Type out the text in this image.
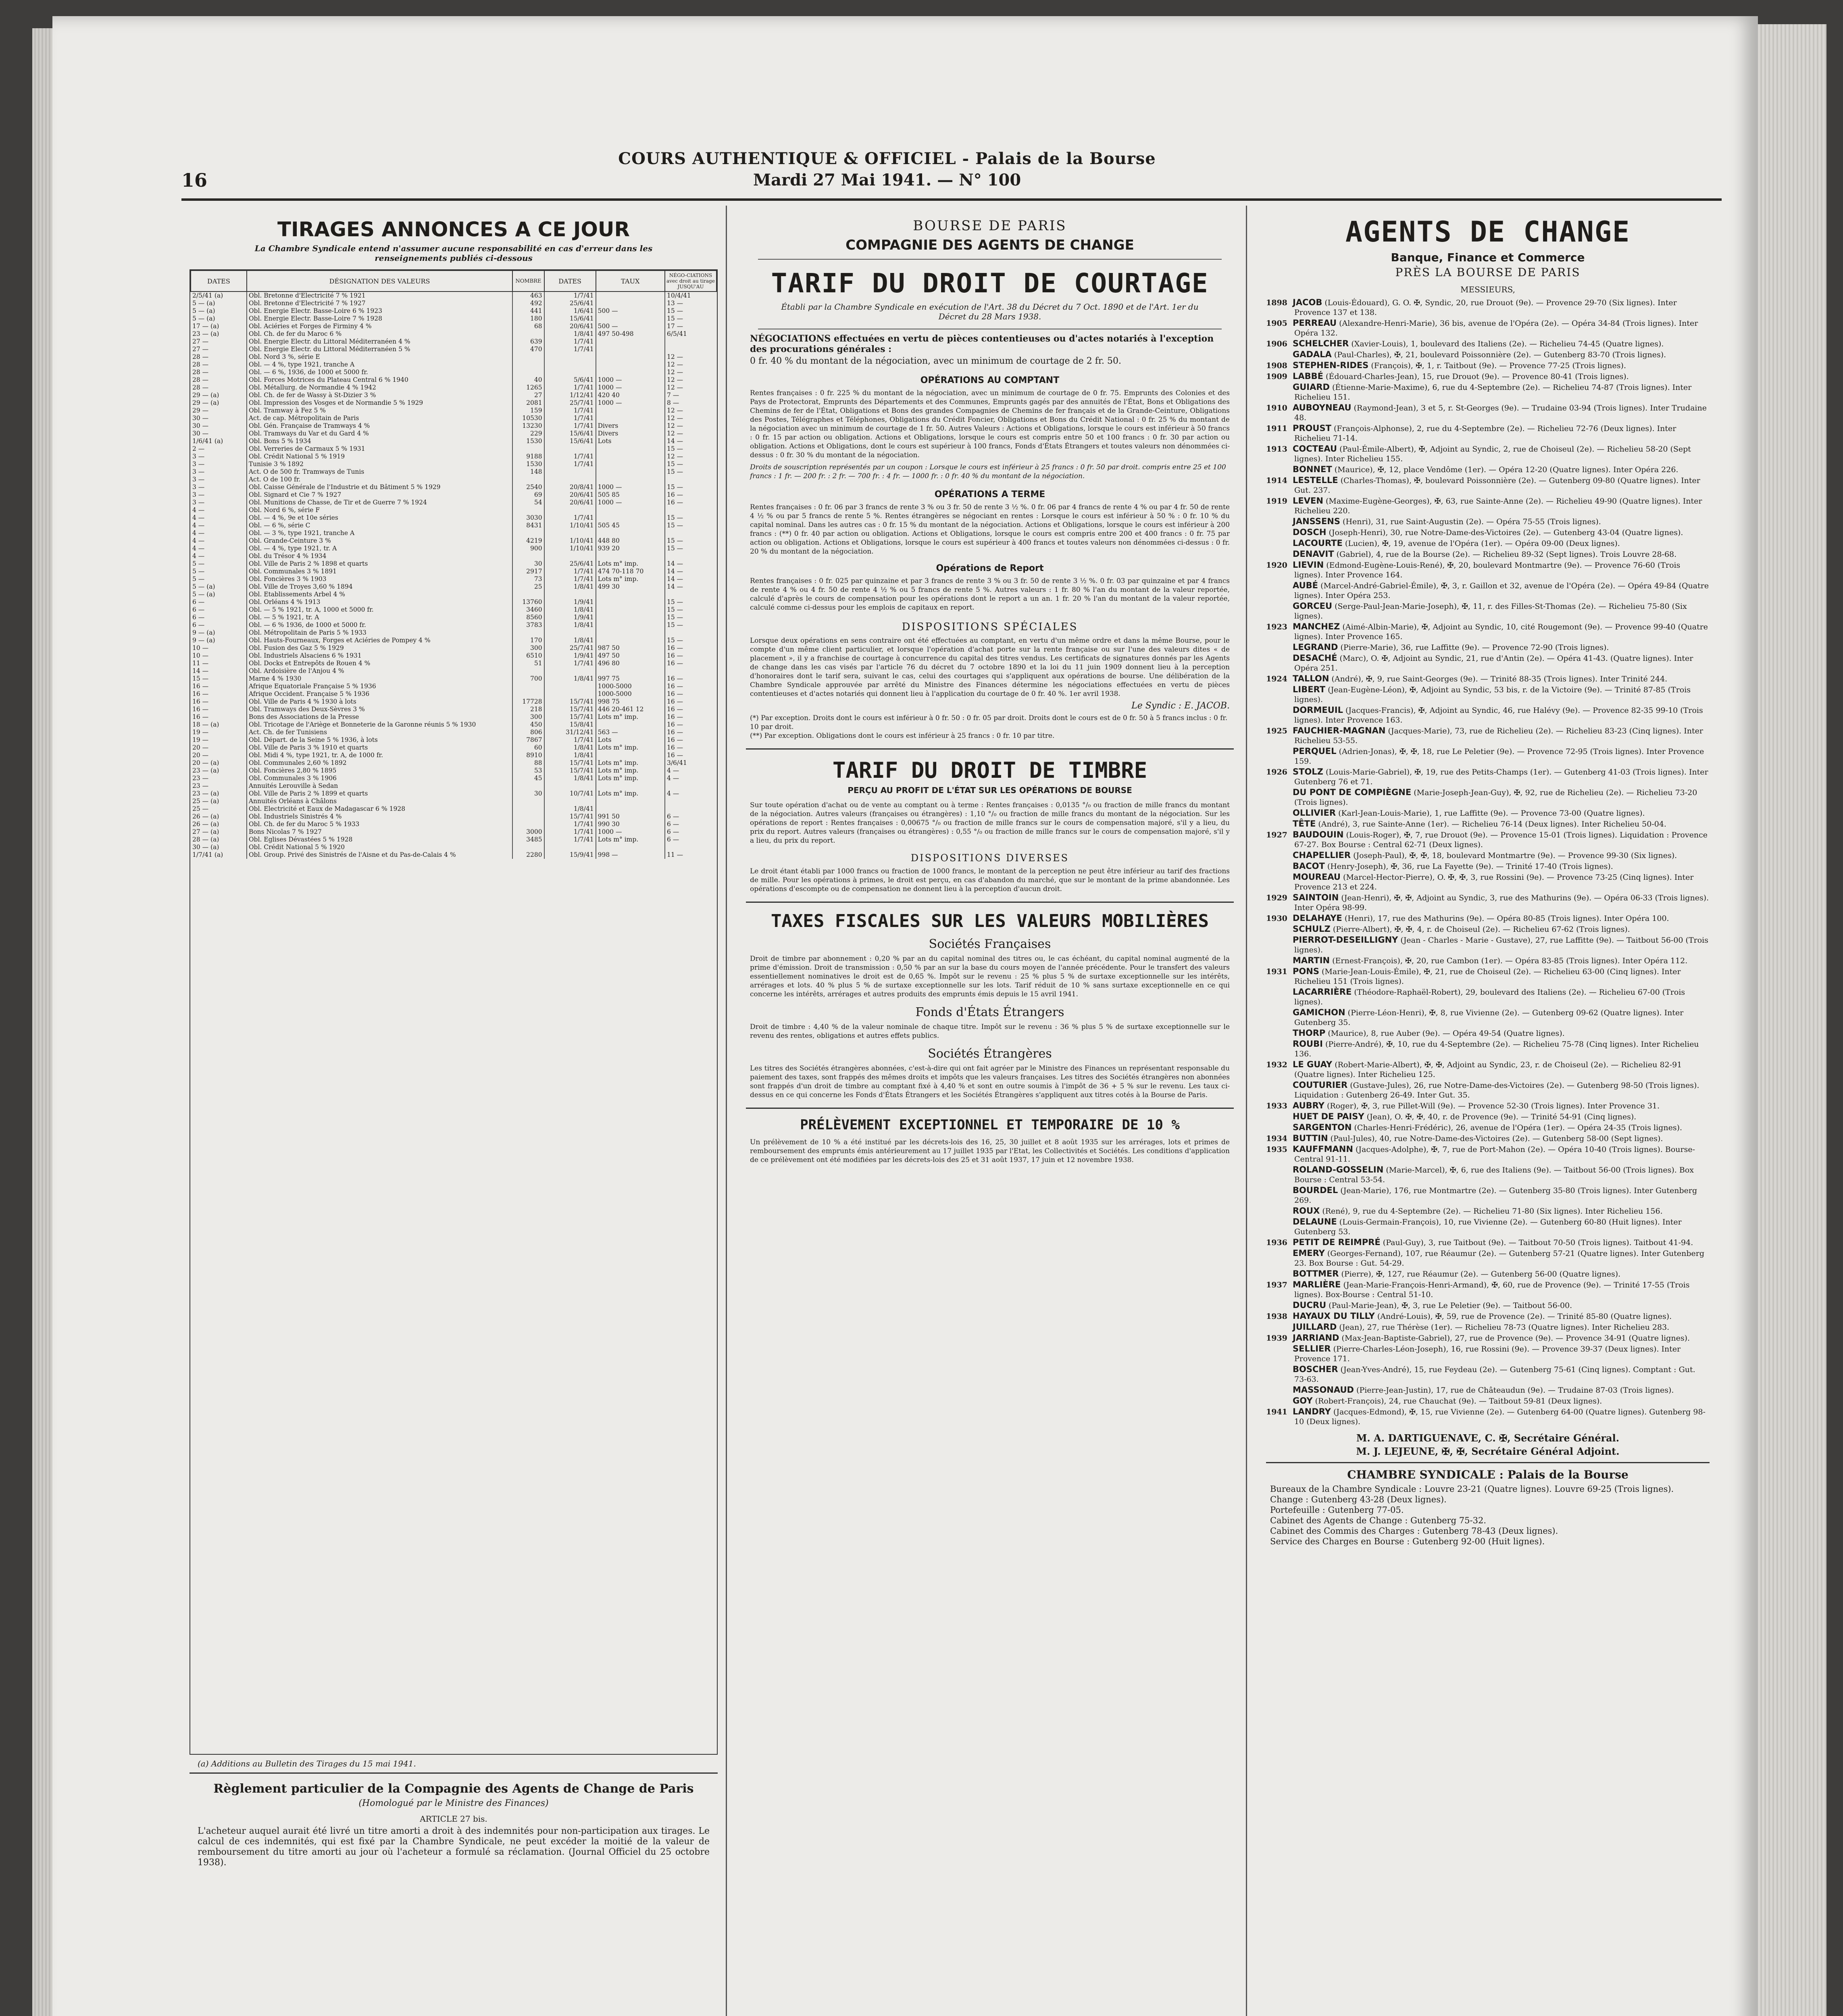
16
COURS AUTHENTIQUE & OFFICIEL - Palais de la Bourse
Mardi 27 Mai 1941. — N° 100
TIRAGES ANNONCES A CE JOUR
La Chambre Syndicale entend n'assumer aucune responsabilité en cas d'erreur dans les renseignements publiés ci-dessous
DATES	DÉSIGNATION DES VALEURS	NOMBRE	DATES	TAUX	NÉGO-CIATIONS avec droit au tirage JUSQU'AU
2/5/41 (a)	Obl. Bretonne d'Electricité 7 % 1921	463	1/7/41		10/4/41
5 — (a)	Obl. Bretonne d'Electricité 7 % 1927	492	25/6/41		13 —
5 — (a)	Obl. Energie Electr. Basse-Loire 6 % 1923	441	1/6/41	500 —	15 —
5 — (a)	Obl. Energie Electr. Basse-Loire 7 % 1928	180	15/6/41		15 —
17 — (a)	Obl. Aciéries et Forges de Firminy 4 %	68	20/6/41	500 —	17 —
23 — (a)	Obl. Ch. de fer du Maroc 6 %		1/8/41	497 50-498	6/5/41
27 —	Obl. Energie Electr. du Littoral Méditerranéen 4 %	639	1/7/41		
27 —	Obl. Energie Electr. du Littoral Méditerranéen 5 %	470	1/7/41		
28 —	Obl. Nord 3 %, série E				12 —
28 —	Obl. — 4 %, type 1921, tranche A				12 —
28 —	Obl. — 6 %, 1936, de 1000 et 5000 fr.				12 —
28 —	Obl. Forces Motrices du Plateau Central 6 % 1940	40	5/6/41	1000 —	12 —
28 —	Obl. Métallurg. de Normandie 4 % 1942	1265	1/7/41	1000 —	12 —
29 — (a)	Obl. Ch. de fer de Wassy à St-Dizier 3 %	27	1/12/41	420 40	7 —
29 — (a)	Obl. Impression des Vosges et de Normandie 5 % 1929	2081	25/7/41	1000 —	8 —
29 —	Obl. Tramway à Fez 5 %	159	1/7/41		12 —
30 —	Act. de cap. Métropolitain de Paris	10530	1/7/41		12 —
30 —	Obl. Gén. Française de Tramways 4 %	13230	1/7/41	Divers	12 —
30 —	Obl. Tramways du Var et du Gard 4 %	229	15/6/41	Divers	12 —
1/6/41 (a)	Obl. Bons 5 % 1934	1530	15/6/41	Lots	14 —
2 —	Obl. Verreries de Carmaux 5 % 1931				15 —
3 —	Obl. Crédit National 5 % 1919	9188	1/7/41		12 —
3 —	Tunisie 3 % 1892	1530	1/7/41		15 —
3 —	Act. O de 500 fr. Tramways de Tunis	148			15 —
3 —	Act. O de 100 fr.				
3 —	Obl. Caisse Générale de l'Industrie et du Bâtiment 5 % 1929	2540	20/8/41	1000 —	15 —
3 —	Obl. Signard et Cie 7 % 1927	69	20/6/41	505 85	16 —
3 —	Obl. Munitions de Chasse, de Tir et de Guerre 7 % 1924	54	20/6/41	1000 —	16 —
4 —	Obl. Nord 6 %, série F				
4 —	Obl. — 4 %, 9e et 10e séries	3030	1/7/41		15 —
4 —	Obl. — 6 %, série C	8431	1/10/41	505 45	15 —
4 —	Obl. — 3 %, type 1921, tranche A				
4 —	Obl. Grande-Ceinture 3 %	4219	1/10/41	448 80	15 —
4 —	Obl. — 4 %, type 1921, tr. A	900	1/10/41	939 20	15 —
4 —	Obl. du Trésor 4 % 1934				
5 —	Obl. Ville de Paris 2 % 1898 et quarts	30	25/6/41	Lots m° imp.	14 —
5 —	Obl. Communales 3 % 1891	2917	1/7/41	474 70-118 70	14 —
5 —	Obl. Foncières 3 % 1903	73	1/7/41	Lots m° imp.	14 —
5 — (a)	Obl. Ville de Troyes 3,60 % 1894	25	1/8/41	499 30	14 —
5 — (a)	Obl. Etablissements Arbel 4 %				
6 —	Obl. Orléans 4 % 1913	13760	1/9/41		15 —
6 —	Obl. — 5 % 1921, tr. A, 1000 et 5000 fr.	3460	1/8/41		15 —
6 —	Obl. — 5 % 1921, tr. A	8560	1/9/41		15 —
6 —	Obl. — 6 % 1936, de 1000 et 5000 fr.	3783	1/8/41		15 —
9 — (a)	Obl. Métropolitain de Paris 5 % 1933				
9 — (a)	Obl. Hauts-Fourneaux, Forges et Aciéries de Pompey 4 %	170	1/8/41		15 —
10 —	Obl. Fusion des Gaz 5 % 1929	300	25/7/41	987 50	16 —
10 —	Obl. Industriels Alsaciens 6 % 1931	6510	1/9/41	497 50	16 —
11 —	Obl. Docks et Entrepôts de Rouen 4 %	51	1/7/41	496 80	16 —
14 —	Obl. Ardoisière de l'Anjou 4 %				
15 —	Marne 4 % 1930	700	1/8/41	997 75	16 —
16 —	Afrique Equatoriale Française 5 % 1936			1000-5000	16 —
16 —	Afrique Occident. Française 5 % 1936			1000-5000	16 —
16 —	Obl. Ville de Paris 4 % 1930 à lots	17728	15/7/41	998 75	16 —
16 —	Obl. Tramways des Deux-Sèvres 3 %	218	15/7/41	446 20-461 12	16 —
16 —	Bons des Associations de la Presse	300	15/7/41	Lots m° imp.	16 —
18 — (a)	Obl. Tricotage de l'Ariège et Bonneterie de la Garonne réunis 5 % 1930	450	15/8/41		16 —
19 —	Act. Ch. de fer Tunisiens	806	31/12/41	563 —	16 —
19 —	Obl. Départ. de la Seine 5 % 1936, à lots	7867	1/7/41	Lots	16 —
20 —	Obl. Ville de Paris 3 % 1910 et quarts	60	1/8/41	Lots m° imp.	16 —
20 —	Obl. Midi 4 %, type 1921, tr. A, de 1000 fr.	8910	1/8/41		16 —
20 — (a)	Obl. Communales 2,60 % 1892	88	15/7/41	Lots m° imp.	3/6/41
23 — (a)	Obl. Foncières 2,80 % 1895	53	15/7/41	Lots m° imp.	4 —
23 —	Obl. Communales 3 % 1906	45	1/8/41	Lots m° imp.	4 —
23 —	Annuités Lerouville à Sedan				
23 — (a)	Obl. Ville de Paris 2 % 1899 et quarts	30	10/7/41	Lots m° imp.	4 —
25 — (a)	Annuités Orléans à Châlons				
25 —	Obl. Electricité et Eaux de Madagascar 6 % 1928		1/8/41		
26 — (a)	Obl. Industriels Sinistrés 4 %		15/7/41	991 50	6 —
26 — (a)	Obl. Ch. de fer du Maroc 5 % 1933		1/7/41	990 30	6 —
27 — (a)	Bons Nicolas 7 % 1927	3000	1/7/41	1000 —	6 —
28 — (a)	Obl. Eglises Dévastées 5 % 1928	3485	1/7/41	Lots m° imp.	6 —
30 — (a)	Obl. Crédit National 5 % 1920				
1/7/41 (a)	Obl. Group. Privé des Sinistrés de l'Aisne et du Pas-de-Calais 4 %	2280	15/9/41	998 —	11 —
(a) Additions au Bulletin des Tirages du 15 mai 1941.
Règlement particulier de la Compagnie des Agents de Change de Paris
(Homologué par le Ministre des Finances)
ARTICLE 27 bis.
L'acheteur auquel aurait été livré un titre amorti a droit à des indemnités pour non-participation aux tirages. Le calcul de ces indemnités, qui est fixé par la Chambre Syndicale, ne peut excéder la moitié de la valeur de remboursement du titre amorti au jour où l'acheteur a formulé sa réclamation. (Journal Officiel du 25 octobre 1938).
BOURSE DE PARIS
COMPAGNIE DES AGENTS DE CHANGE
TARIF DU DROIT DE COURTAGE
Établi par la Chambre Syndicale en exécution de l'Art. 38 du Décret du 7 Oct. 1890 et de l'Art. 1er du Décret du 28 Mars 1938.
NÉGOCIATIONS effectuées en vertu de pièces contentieuses ou d'actes notariés à l'exception des procurations générales :
0 fr. 40 % du montant de la négociation, avec un minimum de courtage de 2 fr. 50.
OPÉRATIONS AU COMPTANT
Rentes françaises : 0 fr. 225 % du montant de la négociation, avec un minimum de courtage de 0 fr. 75. Emprunts des Colonies et des Pays de Protectorat, Emprunts des Départements et des Communes, Emprunts gagés par des annuités de l'État, Bons et Obligations des Chemins de fer de l'État, Obligations et Bons des grandes Compagnies de Chemins de fer français et de la Grande-Ceinture, Obligations des Postes, Télégraphes et Téléphones, Obligations du Crédit Foncier, Obligations et Bons du Crédit National : 0 fr. 25 % du montant de la négociation avec un minimum de courtage de 1 fr. 50. Autres Valeurs : Actions et Obligations, lorsque le cours est inférieur à 50 francs : 0 fr. 15 par action ou obligation. Actions et Obligations, lorsque le cours est compris entre 50 et 100 francs : 0 fr. 30 par action ou obligation. Actions et Obligations, dont le cours est supérieur à 100 francs, Fonds d'États Étrangers et toutes valeurs non dénommées ci-dessus : 0 fr. 30 % du montant de la négociation.
Droits de souscription représentés par un coupon : Lorsque le cours est inférieur à 25 francs : 0 fr. 50 par droit. compris entre 25 et 100 francs : 1 fr. — 200 fr. : 2 fr. — 700 fr. : 4 fr. — 1000 fr. : 0 fr. 40 % du montant de la négociation.
OPÉRATIONS A TERME
Rentes françaises : 0 fr. 06 par 3 francs de rente 3 % ou 3 fr. 50 de rente 3 ½ %. 0 fr. 06 par 4 francs de rente 4 % ou par 4 fr. 50 de rente 4 ½ % ou par 5 francs de rente 5 %. Rentes étrangères se négociant en rentes : Lorsque le cours est inférieur à 50 % : 0 fr. 10 % du capital nominal. Dans les autres cas : 0 fr. 15 % du montant de la négociation. Actions et Obligations, lorsque le cours est inférieur à 200 francs : (**) 0 fr. 40 par action ou obligation. Actions et Obligations, lorsque le cours est compris entre 200 et 400 francs : 0 fr. 75 par action ou obligation. Actions et Obligations, lorsque le cours est supérieur à 400 francs et toutes valeurs non dénommées ci-dessus : 0 fr. 20 % du montant de la négociation.
Opérations de Report
Rentes françaises : 0 fr. 025 par quinzaine et par 3 francs de rente 3 % ou 3 fr. 50 de rente 3 ½ %. 0 fr. 03 par quinzaine et par 4 francs de rente 4 % ou 4 fr. 50 de rente 4 ½ % ou 5 francs de rente 5 %. Autres valeurs : 1 fr. 80 % l'an du montant de la valeur reportée, calculé d'après le cours de compensation pour les opérations dont le report a un an. 1 fr. 20 % l'an du montant de la valeur reportée, calculé comme ci-dessus pour les emplois de capitaux en report.
DISPOSITIONS SPÉCIALES
Lorsque deux opérations en sens contraire ont été effectuées au comptant, en vertu d'un même ordre et dans la même Bourse, pour le compte d'un même client particulier, et lorsque l'opération d'achat porte sur la rente française ou sur l'une des valeurs dites « de placement », il y a franchise de courtage à concurrence du capital des titres vendus. Les certificats de signatures donnés par les Agents de change dans les cas visés par l'article 76 du décret du 7 octobre 1890 et la loi du 11 juin 1909 donnent lieu à la perception d'honoraires dont le tarif sera, suivant le cas, celui des courtages qui s'appliquent aux opérations de bourse. Une délibération de la Chambre Syndicale approuvée par arrêté du Ministre des Finances détermine les négociations effectuées en vertu de pièces contentieuses et d'actes notariés qui donnent lieu à l'application du courtage de 0 fr. 40 %. 1er avril 1938.
Le Syndic : E. JACOB.
(*) Par exception. Droits dont le cours est inférieur à 0 fr. 50 : 0 fr. 05 par droit. Droits dont le cours est de 0 fr. 50 à 5 francs inclus : 0 fr. 10 par droit.
(**) Par exception. Obligations dont le cours est inférieur à 25 francs : 0 fr. 10 par titre.
TARIF DU DROIT DE TIMBRE
PERÇU AU PROFIT DE L'ÉTAT SUR LES OPÉRATIONS DE BOURSE
Sur toute opération d'achat ou de vente au comptant ou à terme : Rentes françaises : 0,0135 °/₀ ou fraction de mille francs du montant de la négociation. Autres valeurs (françaises ou étrangères) : 1,10 °/₀ ou fraction de mille francs du montant de la négociation. Sur les opérations de report : Rentes françaises : 0,00675 °/₀ ou fraction de mille francs sur le cours de compensation majoré, s'il y a lieu, du prix du report. Autres valeurs (françaises ou étrangères) : 0,55 °/₀ ou fraction de mille francs sur le cours de compensation majoré, s'il y a lieu, du prix du report.
DISPOSITIONS DIVERSES
Le droit étant établi par 1000 francs ou fraction de 1000 francs, le montant de la perception ne peut être inférieur au tarif des fractions de mille. Pour les opérations à primes, le droit est perçu, en cas d'abandon du marché, que sur le montant de la prime abandonnée. Les opérations d'escompte ou de compensation ne donnent lieu à la perception d'aucun droit.
TAXES FISCALES SUR LES VALEURS MOBILIÈRES
Sociétés Françaises
Droit de timbre par abonnement : 0,20 % par an du capital nominal des titres ou, le cas échéant, du capital nominal augmenté de la prime d'émission. Droit de transmission : 0,50 % par an sur la base du cours moyen de l'année précédente. Pour le transfert des valeurs essentiellement nominatives le droit est de 0,65 %. Impôt sur le revenu : 25 % plus 5 % de surtaxe exceptionnelle sur les intérêts, arrérages et lots. 40 % plus 5 % de surtaxe exceptionnelle sur les lots. Tarif réduit de 10 % sans surtaxe exceptionnelle en ce qui concerne les intérêts, arrérages et autres produits des emprunts émis depuis le 15 avril 1941.
Fonds d'États Étrangers
Droit de timbre : 4,40 % de la valeur nominale de chaque titre. Impôt sur le revenu : 36 % plus 5 % de surtaxe exceptionnelle sur le revenu des rentes, obligations et autres effets publics.
Sociétés Étrangères
Les titres des Sociétés étrangères abonnées, c'est-à-dire qui ont fait agréer par le Ministre des Finances un représentant responsable du paiement des taxes, sont frappés des mêmes droits et impôts que les valeurs françaises. Les titres des Sociétés étrangères non abonnées sont frappés d'un droit de timbre au comptant fixé à 4,40 % et sont en outre soumis à l'impôt de 36 + 5 % sur le revenu. Les taux ci-dessus en ce qui concerne les Fonds d'États Étrangers et les Sociétés Étrangères s'appliquent aux titres cotés à la Bourse de Paris.
PRÉLÈVEMENT EXCEPTIONNEL ET TEMPORAIRE DE 10 %
Un prélèvement de 10 % a été institué par les décrets-lois des 16, 25, 30 juillet et 8 août 1935 sur les arrérages, lots et primes de remboursement des emprunts émis antérieurement au 17 juillet 1935 par l'Etat, les Collectivités et Sociétés. Les conditions d'application de ce prélèvement ont été modifiées par les décrets-lois des 25 et 31 août 1937, 17 juin et 12 novembre 1938.
AGENTS DE CHANGE
Banque, Finance et Commerce
PRÈS LA BOURSE DE PARIS
MESSIEURS,
1898 JACOB (Louis-Édouard), G. O. ✠, Syndic, 20, rue Drouot (9e). — Provence 29-70 (Six lignes). Inter Provence 137 et 138.
1905 PERREAU (Alexandre-Henri-Marie), 36 bis, avenue de l'Opéra (2e). — Opéra 34-84 (Trois lignes). Inter Opéra 132.
1906 SCHELCHER (Xavier-Louis), 1, boulevard des Italiens (2e). — Richelieu 74-45 (Quatre lignes).
GADALA (Paul-Charles), ✠, 21, boulevard Poissonnière (2e). — Gutenberg 83-70 (Trois lignes).
1908 STEPHEN-RIDES (François), ✠, 1, r. Taitbout (9e). — Provence 77-25 (Trois lignes).
1909 LABBÉ (Édouard-Charles-Jean), 15, rue Drouot (9e). — Provence 80-41 (Trois lignes).
GUIARD (Étienne-Marie-Maxime), 6, rue du 4-Septembre (2e). — Richelieu 74-87 (Trois lignes). Inter Richelieu 151.
1910 AUBOYNEAU (Raymond-Jean), 3 et 5, r. St-Georges (9e). — Trudaine 03-94 (Trois lignes). Inter Trudaine 48.
1911 PROUST (François-Alphonse), 2, rue du 4-Septembre (2e). — Richelieu 72-76 (Deux lignes). Inter Richelieu 71-14.
1913 COCTEAU (Paul-Émile-Albert), ✠, Adjoint au Syndic, 2, rue de Choiseul (2e). — Richelieu 58-20 (Sept lignes). Inter Richelieu 155.
BONNET (Maurice), ✠, 12, place Vendôme (1er). — Opéra 12-20 (Quatre lignes). Inter Opéra 226.
1914 LESTELLE (Charles-Thomas), ✠, boulevard Poissonnière (2e). — Gutenberg 09-80 (Quatre lignes). Inter Gut. 237.
1919 LEVEN (Maxime-Eugène-Georges), ✠, 63, rue Sainte-Anne (2e). — Richelieu 49-90 (Quatre lignes). Inter Richelieu 220.
JANSSENS (Henri), 31, rue Saint-Augustin (2e). — Opéra 75-55 (Trois lignes).
DOSCH (Joseph-Henri), 30, rue Notre-Dame-des-Victoires (2e). — Gutenberg 43-04 (Quatre lignes).
LACOURTE (Lucien), ✠, 19, avenue de l'Opéra (1er). — Opéra 09-00 (Deux lignes).
DENAVIT (Gabriel), 4, rue de la Bourse (2e). — Richelieu 89-32 (Sept lignes). Trois Louvre 28-68.
1920 LIEVIN (Edmond-Eugène-Louis-René), ✠, 20, boulevard Montmartre (9e). — Provence 76-60 (Trois lignes). Inter Provence 164.
AUBÉ (Marcel-André-Gabriel-Émile), ✠, 3, r. Gaillon et 32, avenue de l'Opéra (2e). — Opéra 49-84 (Quatre lignes). Inter Opéra 253.
GORCEU (Serge-Paul-Jean-Marie-Joseph), ✠, 11, r. des Filles-St-Thomas (2e). — Richelieu 75-80 (Six lignes).
1923 MANCHEZ (Aimé-Albin-Marie), ✠, Adjoint au Syndic, 10, cité Rougemont (9e). — Provence 99-40 (Quatre lignes). Inter Provence 165.
LEGRAND (Pierre-Marie), 36, rue Laffitte (9e). — Provence 72-90 (Trois lignes).
DESACHÉ (Marc), O. ✠, Adjoint au Syndic, 21, rue d'Antin (2e). — Opéra 41-43. (Quatre lignes). Inter Opéra 251.
1924 TALLON (André), ✠, 9, rue Saint-Georges (9e). — Trinité 88-35 (Trois lignes). Inter Trinité 244.
LIBERT (Jean-Eugène-Léon), ✠, Adjoint au Syndic, 53 bis, r. de la Victoire (9e). — Trinité 87-85 (Trois lignes).
DORMEUIL (Jacques-Francis), ✠, Adjoint au Syndic, 46, rue Halévy (9e). — Provence 82-35 99-10 (Trois lignes). Inter Provence 163.
1925 FAUCHIER-MAGNAN (Jacques-Marie), 73, rue de Richelieu (2e). — Richelieu 83-23 (Cinq lignes). Inter Richelieu 53-55.
PERQUEL (Adrien-Jonas), ✠, ✠, 18, rue Le Peletier (9e). — Provence 72-95 (Trois lignes). Inter Provence 159.
1926 STOLZ (Louis-Marie-Gabriel), ✠, 19, rue des Petits-Champs (1er). — Gutenberg 41-03 (Trois lignes). Inter Gutenberg 76 et 71.
DU PONT DE COMPIÈGNE (Marie-Joseph-Jean-Guy), ✠, 92, rue de Richelieu (2e). — Richelieu 73-20 (Trois lignes).
OLLIVIER (Karl-Jean-Louis-Marie), 1, rue Laffitte (9e). — Provence 73-00 (Quatre lignes).
TÊTE (André), 3, rue Sainte-Anne (1er). — Richelieu 76-14 (Deux lignes). Inter Richelieu 50-04.
1927 BAUDOUIN (Louis-Roger), ✠, 7, rue Drouot (9e). — Provence 15-01 (Trois lignes). Liquidation : Provence 67-27. Box Bourse : Central 62-71 (Deux lignes).
CHAPELLIER (Joseph-Paul), ✠, ✠, 18, boulevard Montmartre (9e). — Provence 99-30 (Six lignes).
BACOT (Henry-Joseph), ✠, 36, rue La Fayette (9e). — Trinité 17-40 (Trois lignes).
MOUREAU (Marcel-Hector-Pierre), O. ✠, ✠, 3, rue Rossini (9e). — Provence 73-25 (Cinq lignes). Inter Provence 213 et 224.
1929 SAINTOIN (Jean-Henri), ✠, ✠, Adjoint au Syndic, 3, rue des Mathurins (9e). — Opéra 06-33 (Trois lignes). Inter Opéra 98-99.
1930 DELAHAYE (Henri), 17, rue des Mathurins (9e). — Opéra 80-85 (Trois lignes). Inter Opéra 100.
SCHULZ (Pierre-Albert), ✠, ✠, 4, r. de Choiseul (2e). — Richelieu 67-62 (Trois lignes).
PIERROT-DESEILLIGNY (Jean - Charles - Marie - Gustave), 27, rue Laffitte (9e). — Taitbout 56-00 (Trois lignes).
MARTIN (Ernest-François), ✠, 20, rue Cambon (1er). — Opéra 83-85 (Trois lignes). Inter Opéra 112.
1931 PONS (Marie-Jean-Louis-Émile), ✠, 21, rue de Choiseul (2e). — Richelieu 63-00 (Cinq lignes). Inter Richelieu 151 (Trois lignes).
LACARRIÈRE (Théodore-Raphaël-Robert), 29, boulevard des Italiens (2e). — Richelieu 67-00 (Trois lignes).
GAMICHON (Pierre-Léon-Henri), ✠, 8, rue Vivienne (2e). — Gutenberg 09-62 (Quatre lignes). Inter Gutenberg 35.
THORP (Maurice), 8, rue Auber (9e). — Opéra 49-54 (Quatre lignes).
ROUBI (Pierre-André), ✠, 10, rue du 4-Septembre (2e). — Richelieu 75-78 (Cinq lignes). Inter Richelieu 136.
1932 LE GUAY (Robert-Marie-Albert), ✠, ✠, Adjoint au Syndic, 23, r. de Choiseul (2e). — Richelieu 82-91 (Quatre lignes). Inter Richelieu 125.
COUTURIER (Gustave-Jules), 26, rue Notre-Dame-des-Victoires (2e). — Gutenberg 98-50 (Trois lignes). Liquidation : Gutenberg 26-49. Inter Gut. 35.
1933 AUBRY (Roger), ✠, 3, rue Pillet-Will (9e). — Provence 52-30 (Trois lignes). Inter Provence 31.
HUET DE PAISY (Jean), O. ✠, ✠, 40, r. de Provence (9e). — Trinité 54-91 (Cinq lignes).
SARGENTON (Charles-Henri-Frédéric), 26, avenue de l'Opéra (1er). — Opéra 24-35 (Trois lignes).
1934 BUTTIN (Paul-Jules), 40, rue Notre-Dame-des-Victoires (2e). — Gutenberg 58-00 (Sept lignes).
1935 KAUFFMANN (Jacques-Adolphe), ✠, 7, rue de Port-Mahon (2e). — Opéra 10-40 (Trois lignes). Bourse-Central 91-11.
ROLAND-GOSSELIN (Marie-Marcel), ✠, 6, rue des Italiens (9e). — Taitbout 56-00 (Trois lignes). Box Bourse : Central 53-54.
BOURDEL (Jean-Marie), 176, rue Montmartre (2e). — Gutenberg 35-80 (Trois lignes). Inter Gutenberg 269.
ROUX (René), 9, rue du 4-Septembre (2e). — Richelieu 71-80 (Six lignes). Inter Richelieu 156.
DELAUNE (Louis-Germain-François), 10, rue Vivienne (2e). — Gutenberg 60-80 (Huit lignes). Inter Gutenberg 53.
1936 PETIT DE REIMPRÉ (Paul-Guy), 3, rue Taitbout (9e). — Taitbout 70-50 (Trois lignes). Taitbout 41-94.
EMERY (Georges-Fernand), 107, rue Réaumur (2e). — Gutenberg 57-21 (Quatre lignes). Inter Gutenberg 23. Box Bourse : Gut. 54-29.
BOTTMER (Pierre), ✠, 127, rue Réaumur (2e). — Gutenberg 56-00 (Quatre lignes).
1937 MARLIÈRE (Jean-Marie-François-Henri-Armand), ✠, 60, rue de Provence (9e). — Trinité 17-55 (Trois lignes). Box-Bourse : Central 51-10.
DUCRU (Paul-Marie-Jean), ✠, 3, rue Le Peletier (9e). — Taitbout 56-00.
1938 HAYAUX DU TILLY (André-Louis), ✠, 59, rue de Provence (2e). — Trinité 85-80 (Quatre lignes).
JUILLARD (Jean), 27, rue Thérèse (1er). — Richelieu 78-73 (Quatre lignes). Inter Richelieu 283.
1939 JARRIAND (Max-Jean-Baptiste-Gabriel), 27, rue de Provence (9e). — Provence 34-91 (Quatre lignes).
SELLIER (Pierre-Charles-Léon-Joseph), 16, rue Rossini (9e). — Provence 39-37 (Deux lignes). Inter Provence 171.
BOSCHER (Jean-Yves-André), 15, rue Feydeau (2e). — Gutenberg 75-61 (Cinq lignes). Comptant : Gut. 73-63.
MASSONAUD (Pierre-Jean-Justin), 17, rue de Châteaudun (9e). — Trudaine 87-03 (Trois lignes).
GOY (Robert-François), 24, rue Chauchat (9e). — Taitbout 59-81 (Deux lignes).
1941 LANDRY (Jacques-Edmond), ✠, 15, rue Vivienne (2e). — Gutenberg 64-00 (Quatre lignes). Gutenberg 98-10 (Deux lignes).
M. A. DARTIGUENAVE, C. ✠, Secrétaire Général.
M. J. LEJEUNE, ✠, ✠, Secrétaire Général Adjoint.
CHAMBRE SYNDICALE : Palais de la Bourse
Bureaux de la Chambre Syndicale : Louvre 23-21 (Quatre lignes). Louvre 69-25 (Trois lignes).
Change : Gutenberg 43-28 (Deux lignes).
Portefeuille : Gutenberg 77-05.
Cabinet des Agents de Change : Gutenberg 75-32.
Cabinet des Commis des Charges : Gutenberg 78-43 (Deux lignes).
Service des Charges en Bourse : Gutenberg 92-00 (Huit lignes).
